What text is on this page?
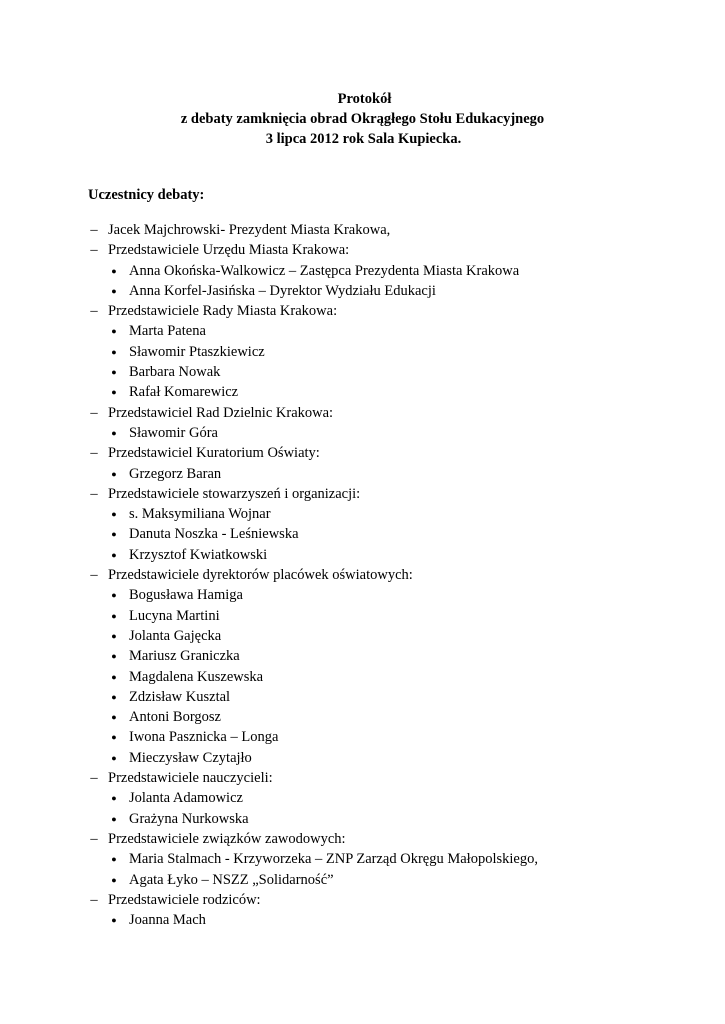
Protokół
z debaty zamknięcia obrad Okrągłego Stołu Edukacyjnego
3 lipca 2012 rok Sala Kupiecka.
Uczestnicy debaty:
– Jacek Majchrowski- Prezydent Miasta Krakowa,
– Przedstawiciele Urzędu Miasta Krakowa:
● Anna Okońska-Walkowicz – Zastępca Prezydenta Miasta Krakowa
● Anna Korfel-Jasińska – Dyrektor Wydziału Edukacji
– Przedstawiciele Rady Miasta Krakowa:
● Marta Patena
● Sławomir Ptaszkiewicz
● Barbara Nowak
● Rafał Komarewicz
– Przedstawiciel Rad Dzielnic Krakowa:
● Sławomir Góra
– Przedstawiciel Kuratorium Oświaty:
● Grzegorz Baran
– Przedstawiciele stowarzyszeń i organizacji:
● s. Maksymiliana Wojnar
● Danuta Noszka - Leśniewska
● Krzysztof Kwiatkowski
– Przedstawiciele dyrektorów placówek oświatowych:
● Bogusława Hamiga
● Lucyna Martini
● Jolanta Gajęcka
● Mariusz Graniczka
● Magdalena Kuszewska
● Zdzisław Kusztal
● Antoni Borgosz
● Iwona Pasznicka – Longa
● Mieczysław Czytajło
– Przedstawiciele nauczycieli:
● Jolanta Adamowicz
● Grażyna Nurkowska
– Przedstawiciele związków zawodowych:
● Maria Stalmach - Krzyworzeka – ZNP Zarząd Okręgu Małopolskiego,
● Agata Łyko – NSZZ „Solidarność”
– Przedstawiciele rodziców:
● Joanna Mach
